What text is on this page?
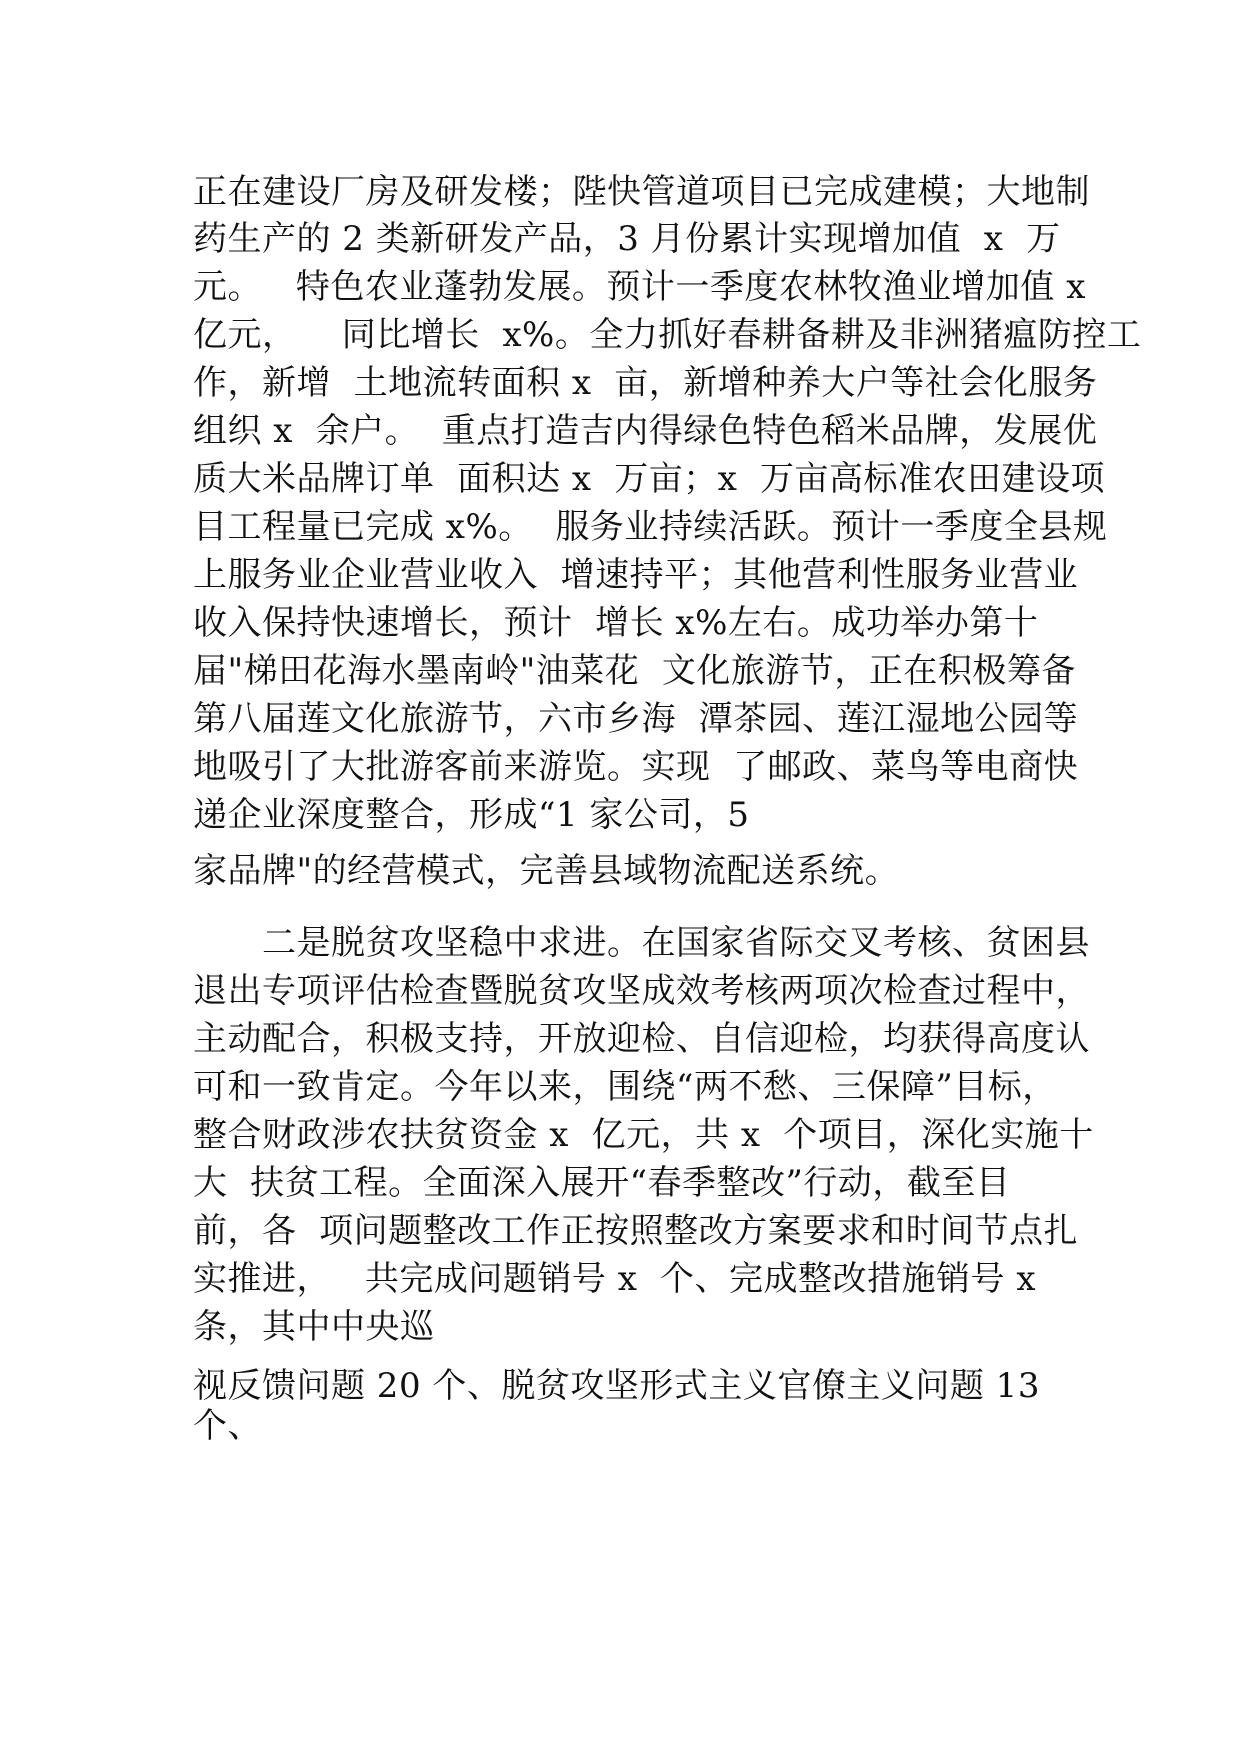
正在建设厂房及研发楼；陛快管道项目已完成建模；大地制
药生产的 2 类新研发产品，3 月份累计实现增加值  x  万
元。   特色农业蓬勃发展。预计一季度农林牧渔业增加值 x
亿元，    同比增长  x%。全力抓好春耕备耕及非洲猪瘟防控工
作，新增  土地流转面积 x  亩，新增种养大户等社会化服务
组织 x  余户。  重点打造吉内得绿色特色稻米品牌，发展优
质大米品牌订单  面积达 x  万亩；x  万亩高标准农田建设项
目工程量已完成 x%。  服务业持续活跃。预计一季度全县规
上服务业企业营业收入  增速持平；其他营利性服务业营业
收入保持快速增长，预计  增长 x%左右。成功举办第十
届"梯田花海水墨南岭"油菜花  文化旅游节，正在积极筹备
第八届莲文化旅游节，六市乡海  潭茶园、莲江湿地公园等
地吸引了大批游客前来游览。实现  了邮政、菜鸟等电商快
递企业深度整合，形成“1 家公司，5
家品牌"的经营模式，完善县域物流配送系统。
二是脱贫攻坚稳中求进。在国家省际交叉考核、贫困县
退出专项评估检查暨脱贫攻坚成效考核两项次检查过程中，
主动配合，积极支持，开放迎检、自信迎检，均获得高度认
可和一致肯定。今年以来，围绕“两不愁、三保障”目标，
整合财政涉农扶贫资金 x  亿元，共 x  个项目，深化实施十
大  扶贫工程。全面深入展开“春季整改”行动，截至目
前，各  项问题整改工作正按照整改方案要求和时间节点扎
实推进，   共完成问题销号 x  个、完成整改措施销号 x
条，其中中央巡
视反馈问题 20 个、脱贫攻坚形式主义官僚主义问题 13
个、
